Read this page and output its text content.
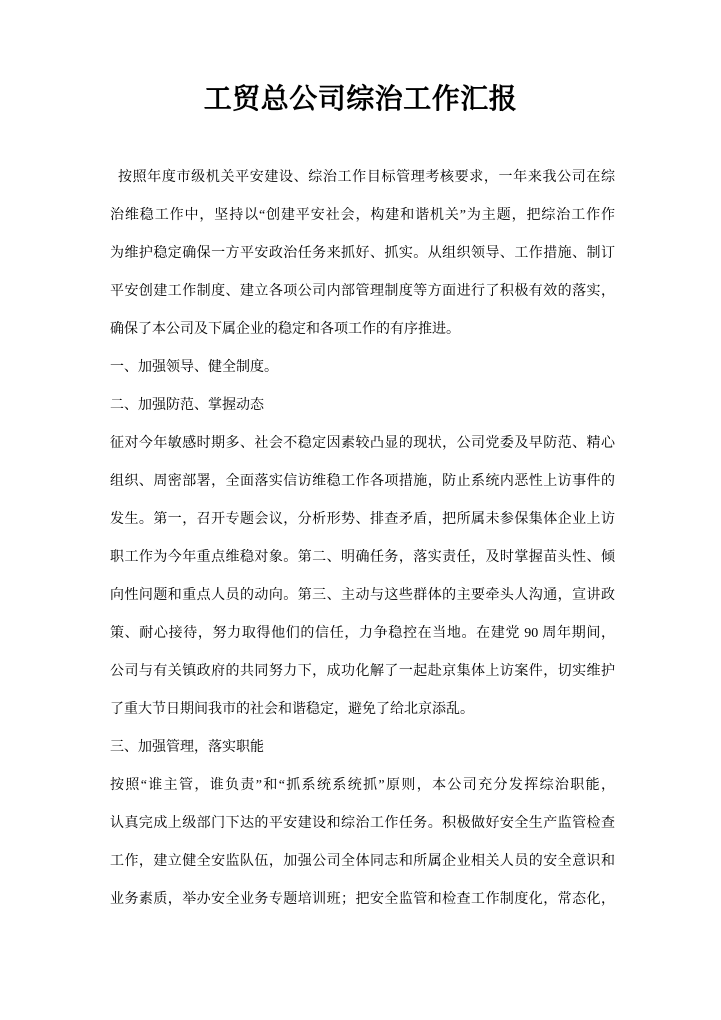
工贸总公司综治工作汇报
按照年度市级机关平安建设、综治工作目标管理考核要求，一年来我公司在综
治维稳工作中，坚持以“创建平安社会，构建和谐机关”为主题，把综治工作作
为维护稳定确保一方平安政治任务来抓好、抓实。从组织领导、工作措施、制订
平安创建工作制度、建立各项公司内部管理制度等方面进行了积极有效的落实，
确保了本公司及下属企业的稳定和各项工作的有序推进。
一、加强领导、健全制度。
二、加强防范、掌握动态
征对今年敏感时期多、社会不稳定因素较凸显的现状，公司党委及早防范、精心
组织、周密部署，全面落实信访维稳工作各项措施，防止系统内恶性上访事件的
发生。第一，召开专题会议，分析形势、排查矛盾，把所属未参保集体企业上访
职工作为今年重点维稳对象。第二、明确任务，落实责任，及时掌握苗头性、倾
向性问题和重点人员的动向。第三、主动与这些群体的主要牵头人沟通，宣讲政
策、耐心接待，努力取得他们的信任，力争稳控在当地。在建党 90 周年期间，
公司与有关镇政府的共同努力下，成功化解了一起赴京集体上访案件，切实维护
了重大节日期间我市的社会和谐稳定，避免了给北京添乱。
三、加强管理，落实职能
按照“谁主管，谁负责”和“抓系统系统抓”原则，本公司充分发挥综治职能，
认真完成上级部门下达的平安建设和综治工作任务。积极做好安全生产监管检查
工作，建立健全安监队伍，加强公司全体同志和所属企业相关人员的安全意识和
业务素质，举办安全业务专题培训班；把安全监管和检查工作制度化，常态化，
